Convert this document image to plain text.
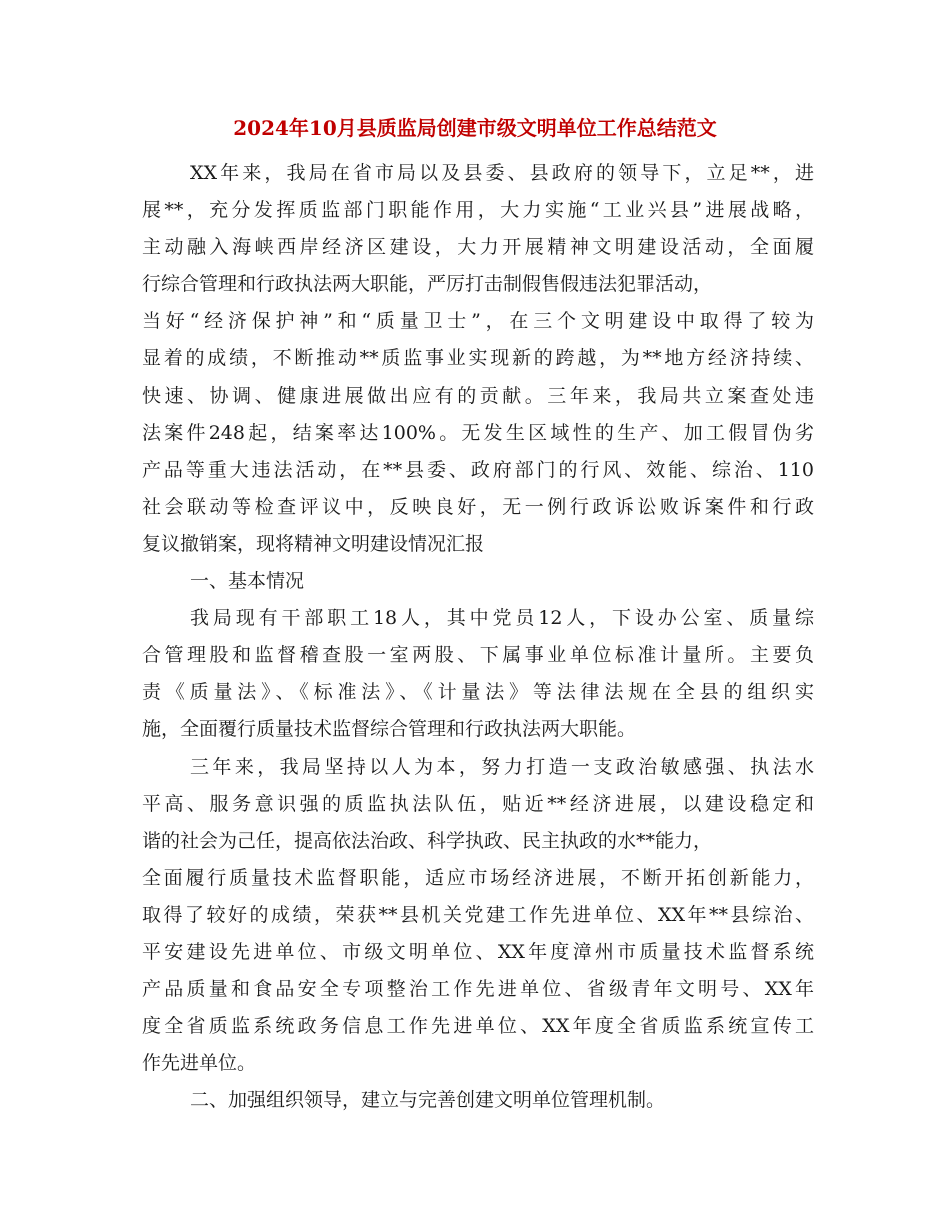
2024年10月县质监局创建市级文明单位工作总结范文
XX年来，我局在省市局以及县委、县政府的领导下，立足**，进
展**，充分发挥质监部门职能作用，大力实施“工业兴县”进展战略，
主动融入海峡西岸经济区建设，大力开展精神文明建设活动，全面履
行综合管理和行政执法两大职能，严厉打击制假售假违法犯罪活动，
当好“经济保护神”和“质量卫士”，在三个文明建设中取得了较为
显着的成绩，不断推动**质监事业实现新的跨越，为**地方经济持续、
快速、协调、健康进展做出应有的贡献。三年来，我局共立案查处违
法案件248起，结案率达100%。无发生区域性的生产、加工假冒伪劣
产品等重大违法活动，在**县委、政府部门的行风、效能、综治、110
社会联动等检查评议中，反映良好，无一例行政诉讼败诉案件和行政
复议撤销案，现将精神文明建设情况汇报
一、基本情况
我局现有干部职工18人，其中党员12人，下设办公室、质量综
合管理股和监督稽查股一室两股、下属事业单位标准计量所。主要负
责《质量法》、《标准法》、《计量法》等法律法规在全县的组织实
施，全面覆行质量技术监督综合管理和行政执法两大职能。
三年来，我局坚持以人为本，努力打造一支政治敏感强、执法水
平高、服务意识强的质监执法队伍，贴近**经济进展，以建设稳定和
谐的社会为己任，提高依法治政、科学执政、民主执政的水**能力，
全面履行质量技术监督职能，适应市场经济进展，不断开拓创新能力，
取得了较好的成绩，荣获**县机关党建工作先进单位、XX年**县综治、
平安建设先进单位、市级文明单位、XX年度漳州市质量技术监督系统
产品质量和食品安全专项整治工作先进单位、省级青年文明号、XX年
度全省质监系统政务信息工作先进单位、XX年度全省质监系统宣传工
作先进单位。
二、加强组织领导，建立与完善创建文明单位管理机制。
